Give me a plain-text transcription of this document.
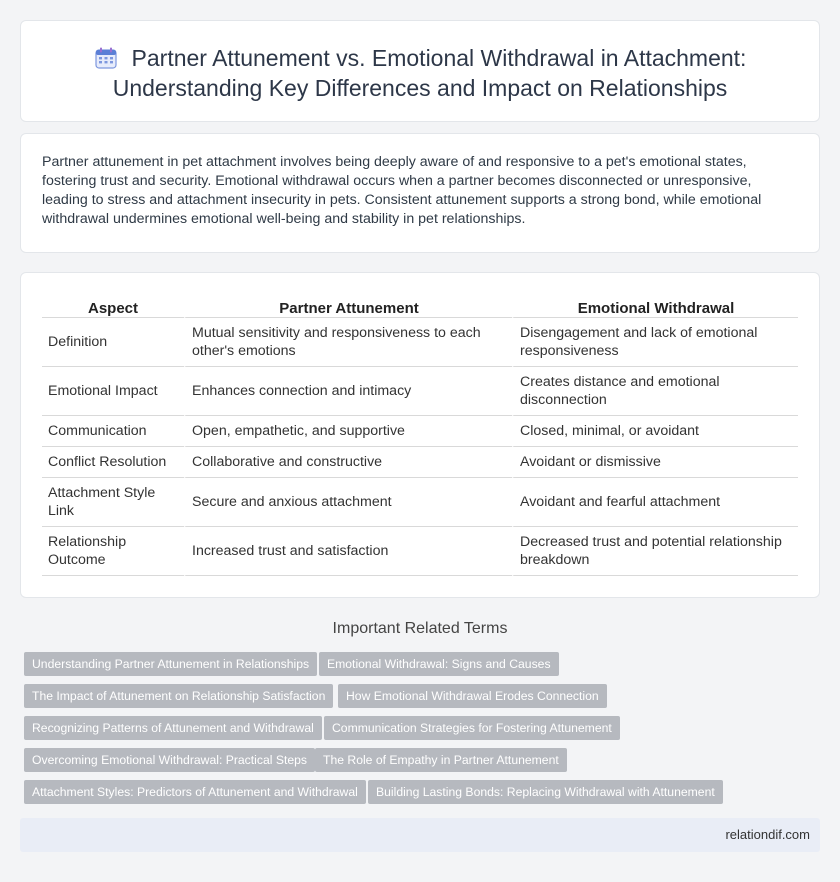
Partner Attunement vs. Emotional Withdrawal in Attachment: Understanding Key Differences and Impact on Relationships

Partner attunement in pet attachment involves being deeply aware of and responsive to a pet's emotional states, fostering trust and security. Emotional withdrawal occurs when a partner becomes disconnected or unresponsive, leading to stress and attachment insecurity in pets. Consistent attunement supports a strong bond, while emotional withdrawal undermines emotional well-being and stability in pet relationships.

Aspect	Partner Attunement	Emotional Withdrawal
Definition	Mutual sensitivity and responsiveness to each other's emotions	Disengagement and lack of emotional responsiveness
Emotional Impact	Enhances connection and intimacy	Creates distance and emotional disconnection
Communication	Open, empathetic, and supportive	Closed, minimal, or avoidant
Conflict Resolution	Collaborative and constructive	Avoidant or dismissive
Attachment Style Link	Secure and anxious attachment	Avoidant and fearful attachment
Relationship Outcome	Increased trust and satisfaction	Decreased trust and potential relationship breakdown
Important Related Terms
Understanding Partner Attunement in Relationships	Emotional Withdrawal: Signs and Causes
The Impact of Attunement on Relationship Satisfaction	How Emotional Withdrawal Erodes Connection
Recognizing Patterns of Attunement and Withdrawal	Communication Strategies for Fostering Attunement
Overcoming Emotional Withdrawal: Practical Steps	The Role of Empathy in Partner Attunement
Attachment Styles: Predictors of Attunement and Withdrawal	Building Lasting Bonds: Replacing Withdrawal with Attunement
relationdif.com
